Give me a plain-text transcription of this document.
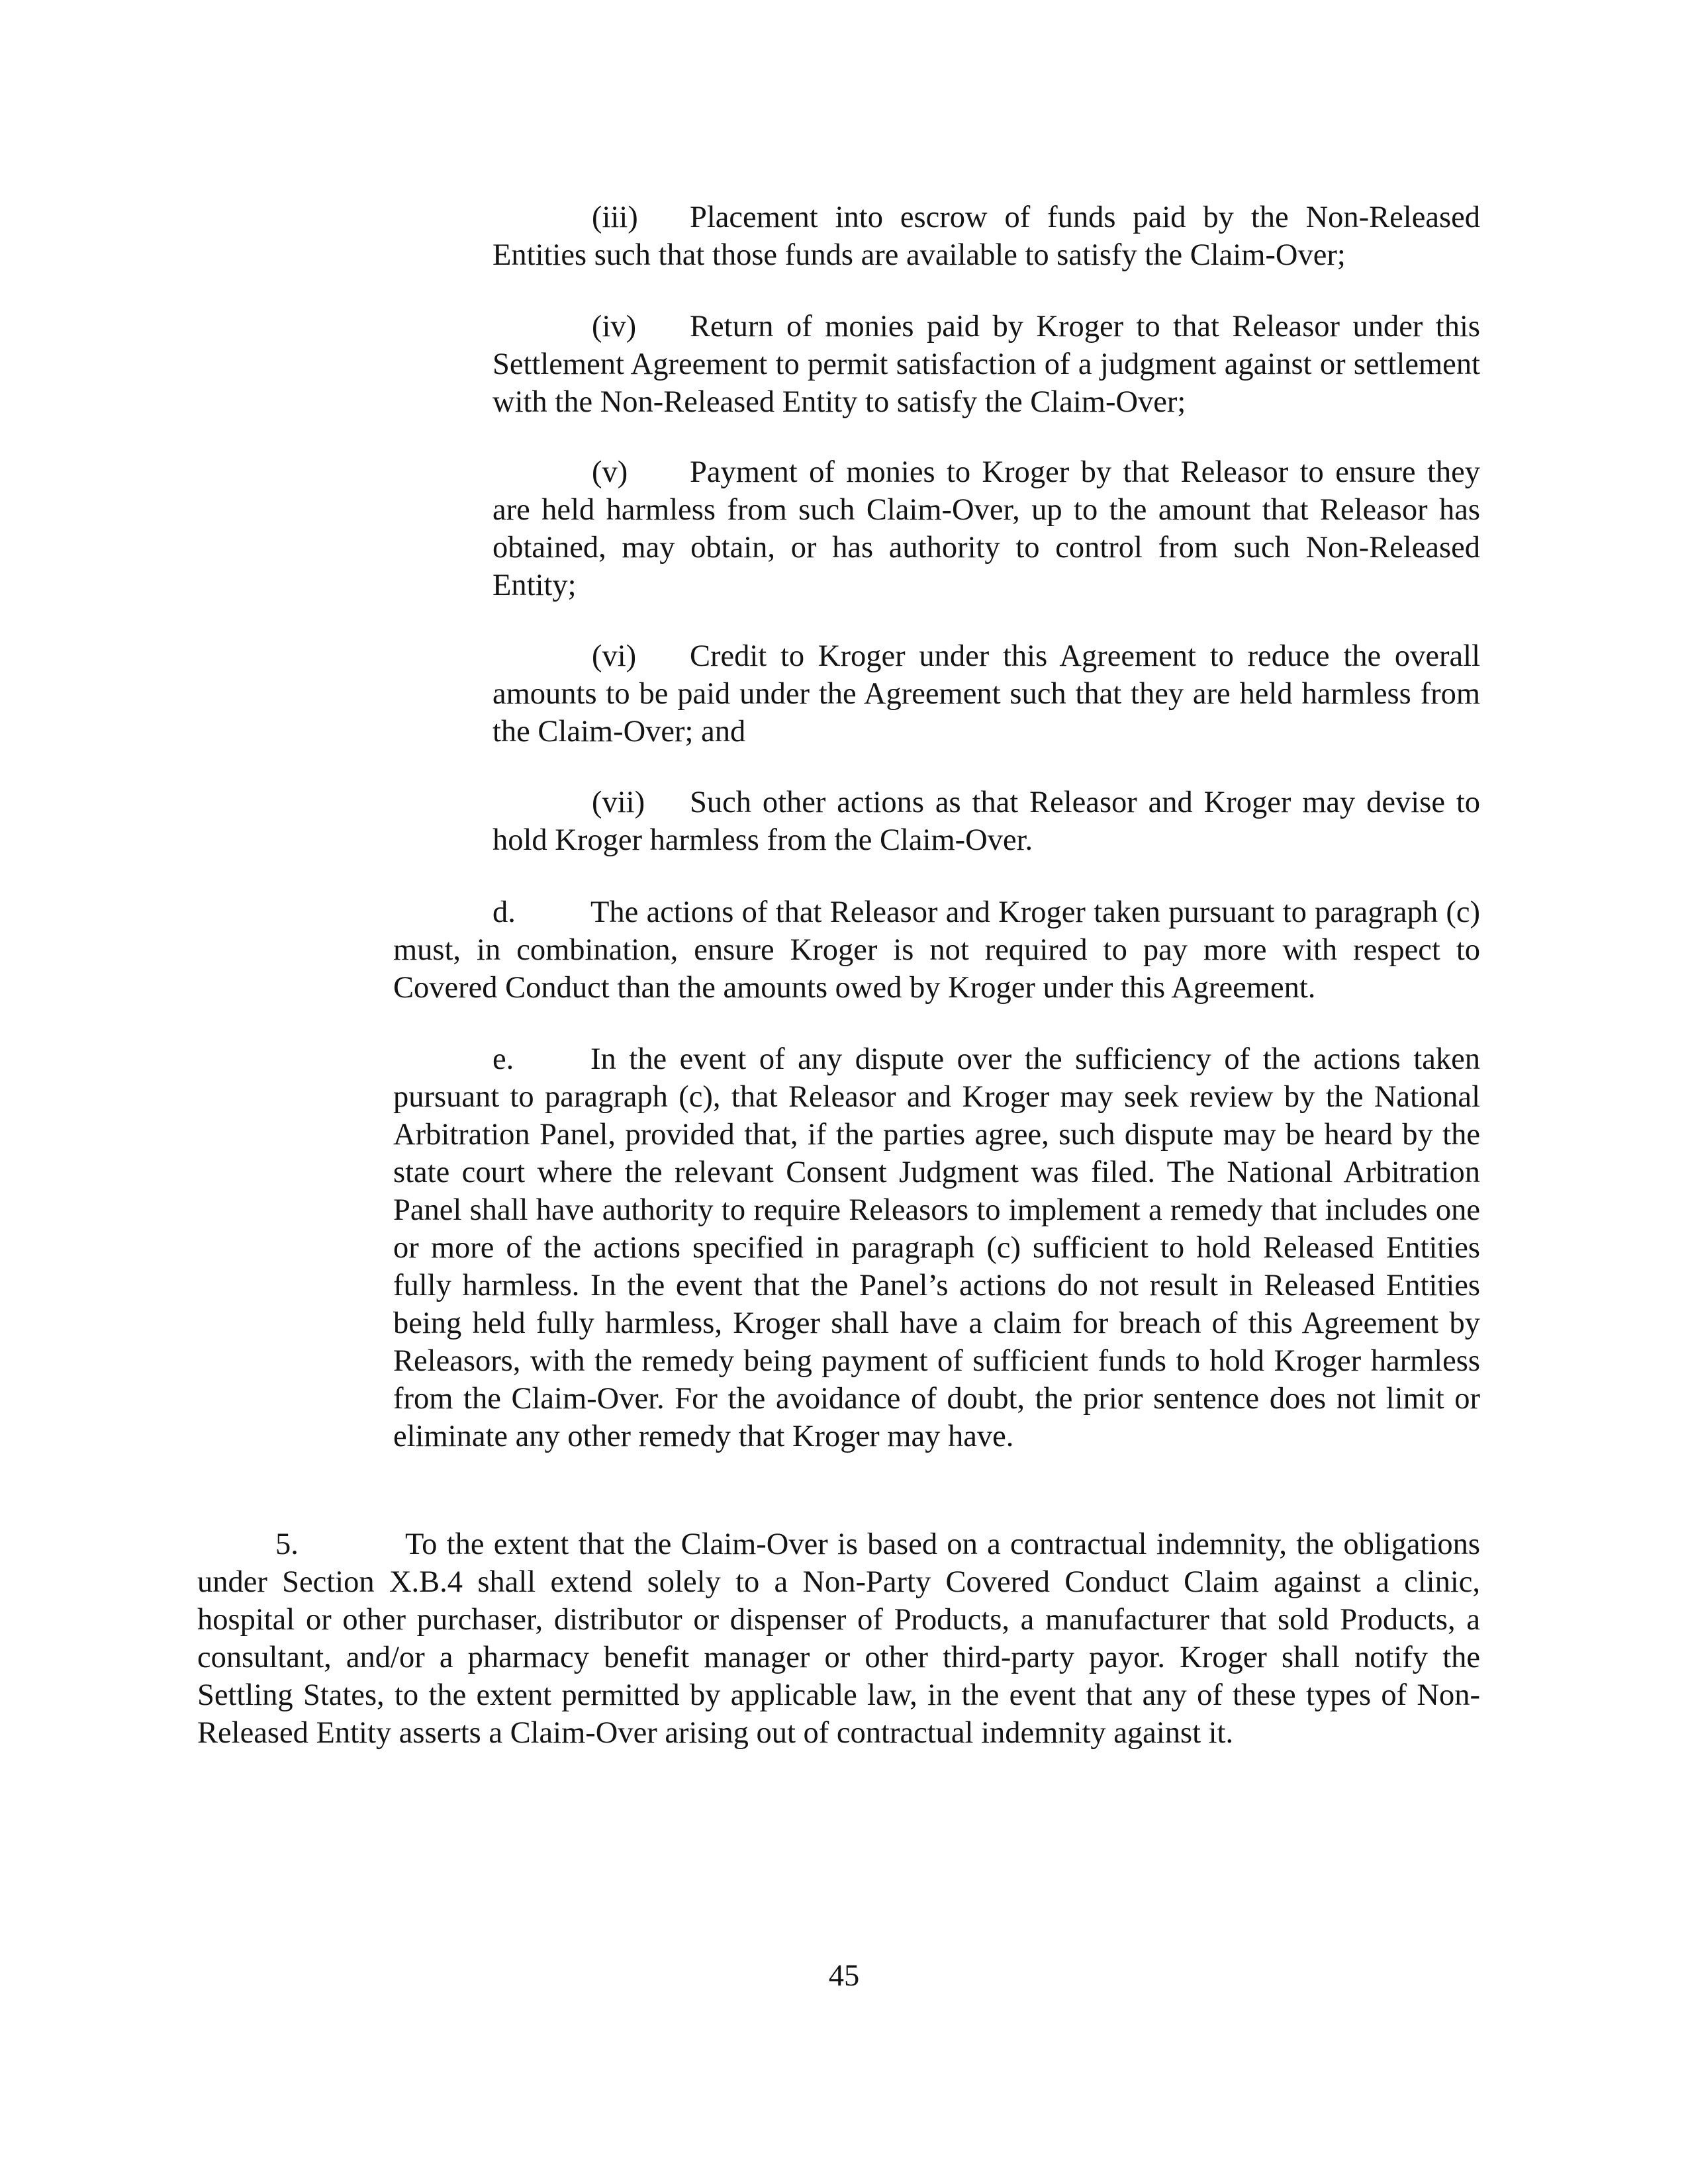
(iii) Placement into escrow of funds paid by the Non-Released Entities such that those funds are available to satisfy the Claim-Over;

(iv) Return of monies paid by Kroger to that Releasor under this Settlement Agreement to permit satisfaction of a judgment against or settlement with the Non-Released Entity to satisfy the Claim-Over;

(v) Payment of monies to Kroger by that Releasor to ensure they are held harmless from such Claim-Over, up to the amount that Releasor has obtained, may obtain, or has authority to control from such Non-Released Entity;

(vi) Credit to Kroger under this Agreement to reduce the overall amounts to be paid under the Agreement such that they are held harmless from the Claim-Over; and

(vii) Such other actions as that Releasor and Kroger may devise to hold Kroger harmless from the Claim-Over.

d. The actions of that Releasor and Kroger taken pursuant to paragraph (c) must, in combination, ensure Kroger is not required to pay more with respect to Covered Conduct than the amounts owed by Kroger under this Agreement.

e. In the event of any dispute over the sufficiency of the actions taken pursuant to paragraph (c), that Releasor and Kroger may seek review by the National Arbitration Panel, provided that, if the parties agree, such dispute may be heard by the state court where the relevant Consent Judgment was filed. The National Arbitration Panel shall have authority to require Releasors to implement a remedy that includes one or more of the actions specified in paragraph (c) sufficient to hold Released Entities fully harmless. In the event that the Panel’s actions do not result in Released Entities being held fully harmless, Kroger shall have a claim for breach of this Agreement by Releasors, with the remedy being payment of sufficient funds to hold Kroger harmless from the Claim-Over. For the avoidance of doubt, the prior sentence does not limit or eliminate any other remedy that Kroger may have.

5.	To the extent that the Claim-Over is based on a contractual indemnity, the obligations under Section X.B.4 shall extend solely to a Non-Party Covered Conduct Claim against a clinic, hospital or other purchaser, distributor or dispenser of Products, a manufacturer that sold Products, a consultant, and/or a pharmacy benefit manager or other third-party payor. Kroger shall notify the Settling States, to the extent permitted by applicable law, in the event that any of these types of Non-Released Entity asserts a Claim-Over arising out of contractual indemnity against it.

45
